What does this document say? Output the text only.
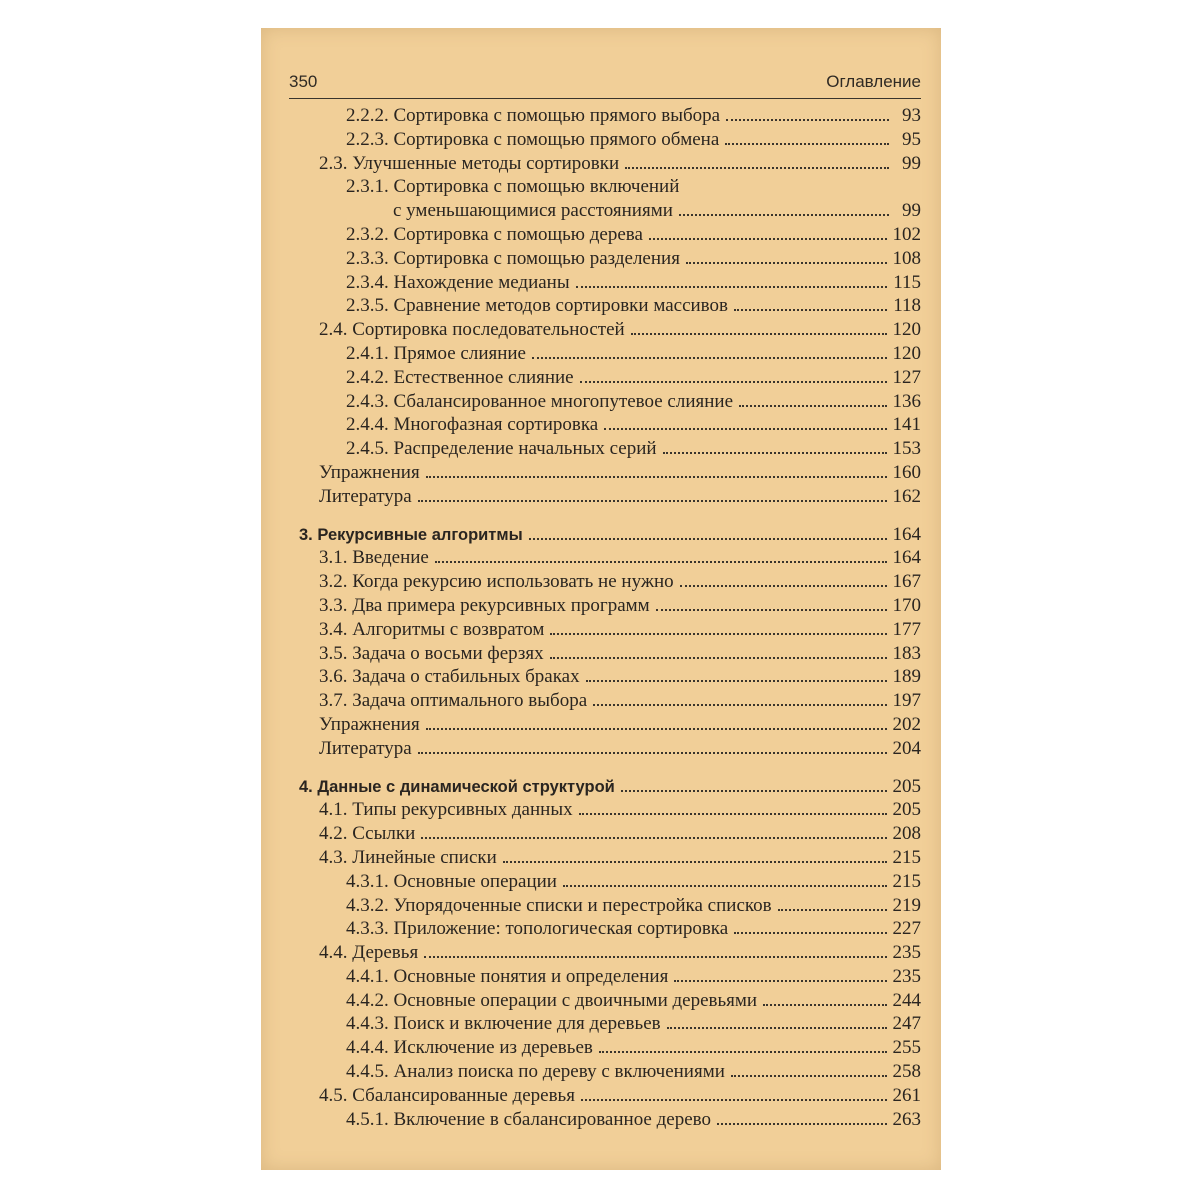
350	Оглавление
2.2.2. Сортировка с помощью прямого выбора	93
2.2.3. Сортировка с помощью прямого обмена	95
2.3. Улучшенные методы сортировки	99
2.3.1. Сортировка с помощью включений
с уменьшающимися расстояниями	99
2.3.2. Сортировка с помощью дерева	102
2.3.3. Сортировка с помощью разделения	108
2.3.4. Нахождение медианы	115
2.3.5. Сравнение методов сортировки массивов	118
2.4. Сортировка последовательностей	120
2.4.1. Прямое слияние	120
2.4.2. Естественное слияние	127
2.4.3. Сбалансированное многопутевое слияние	136
2.4.4. Многофазная сортировка	141
2.4.5. Распределение начальных серий	153
Упражнения	160
Литература	162
3. Рекурсивные алгоритмы	164
3.1. Введение	164
3.2. Когда рекурсию использовать не нужно	167
3.3. Два примера рекурсивных программ	170
3.4. Алгоритмы с возвратом	177
3.5. Задача о восьми ферзях	183
3.6. Задача о стабильных браках	189
3.7. Задача оптимального выбора	197
Упражнения	202
Литература	204
4. Данные с динамической структурой	205
4.1. Типы рекурсивных данных	205
4.2. Ссылки	208
4.3. Линейные списки	215
4.3.1. Основные операции	215
4.3.2. Упорядоченные списки и перестройка списков	219
4.3.3. Приложение: топологическая сортировка	227
4.4. Деревья	235
4.4.1. Основные понятия и определения	235
4.4.2. Основные операции с двоичными деревьями	244
4.4.3. Поиск и включение для деревьев	247
4.4.4. Исключение из деревьев	255
4.4.5. Анализ поиска по дереву с включениями	258
4.5. Сбалансированные деревья	261
4.5.1. Включение в сбалансированное дерево	263
